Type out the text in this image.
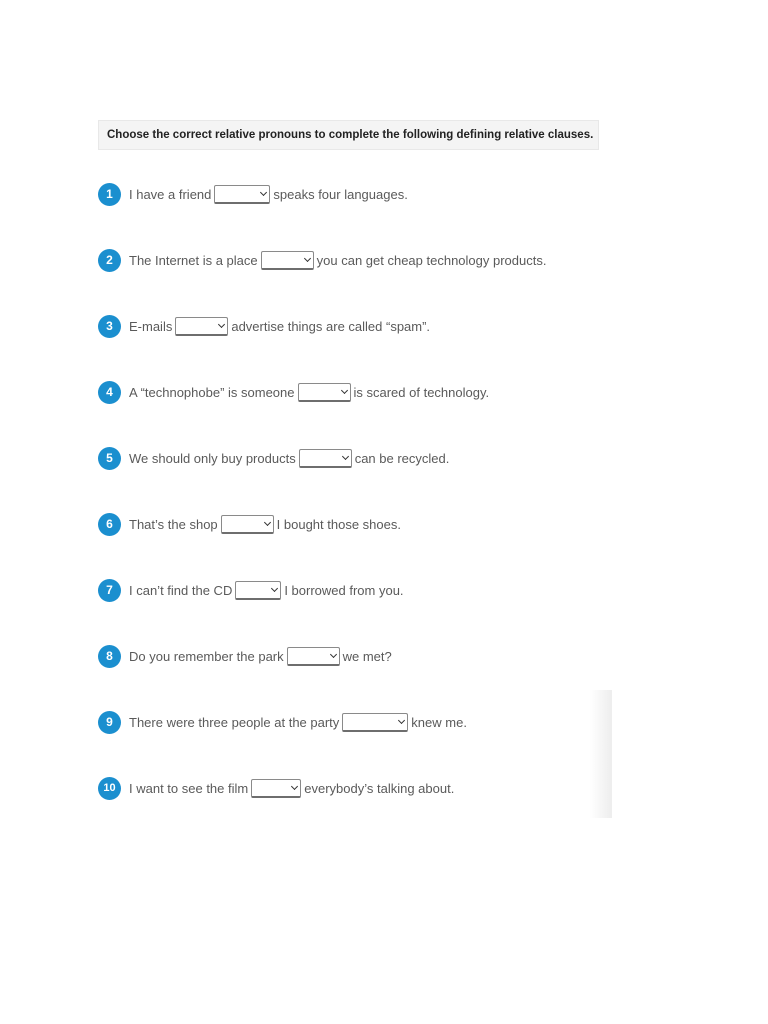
Choose the correct relative pronouns to complete the following defining relative clauses.
1	I have a friend	speaks four languages.
2	The Internet is a place	you can get cheap technology products.
3	E-mails	advertise things are called “spam”.
4	A “technophobe” is someone	is scared of technology.
5	We should only buy products	can be recycled.
6	That’s the shop	I bought those shoes.
7	I can’t find the CD	I borrowed from you.
8	Do you remember the park	we met?
9	There were three people at the party	knew me.
10	I want to see the film	everybody’s talking about.
